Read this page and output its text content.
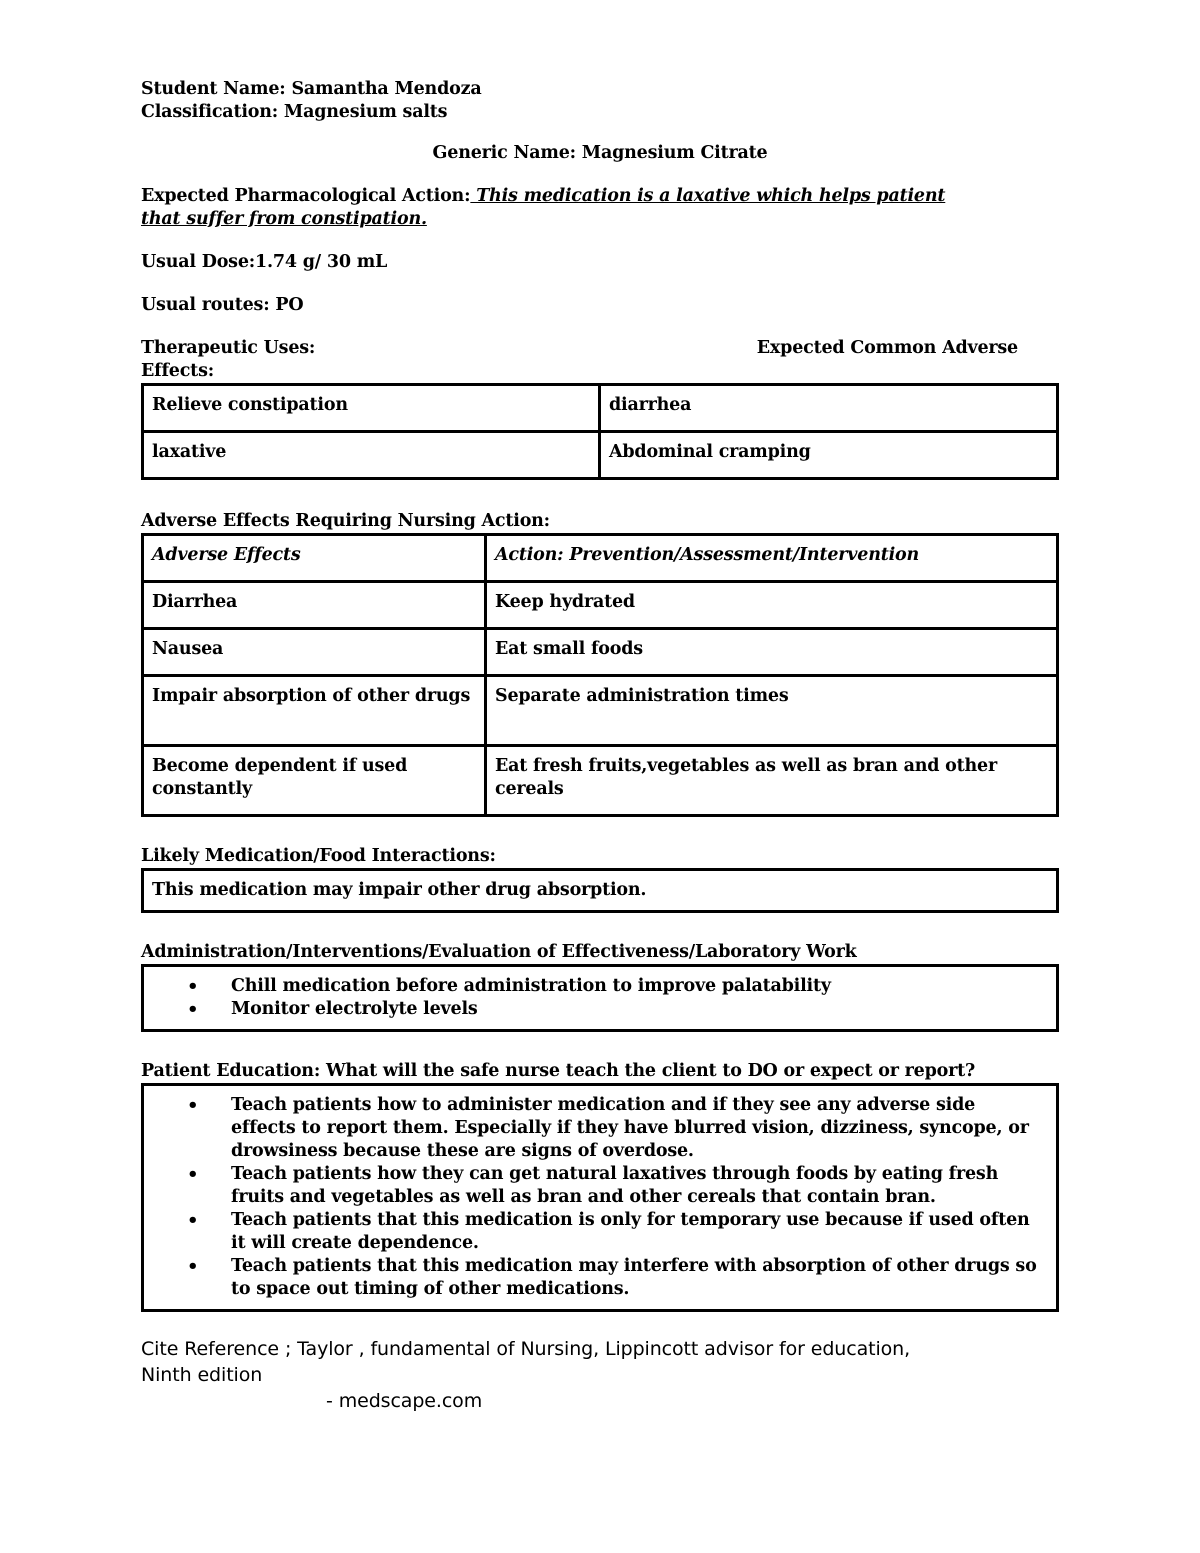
Student Name: Samantha Mendoza
Classification: Magnesium salts
Generic Name: Magnesium Citrate
Expected Pharmacological Action: This medication is a laxative which helps patient
that suffer from constipation.
Usual Dose:1.74 g/ 30 mL
Usual routes: PO
Therapeutic Uses:	Expected Common Adverse
Effects:
Relieve constipation	diarrhea
laxative	Abdominal cramping
Adverse Effects Requiring Nursing Action:
Adverse Effects	Action: Prevention/Assessment/Intervention
Diarrhea	Keep hydrated
Nausea	Eat small foods
Impair absorption of other drugs	Separate administration times
Become dependent if used constantly	Eat fresh fruits,vegetables as well as bran and other cereals
Likely Medication/Food Interactions:
This medication may impair other drug absorption.
Administration/Interventions/Evaluation of Effectiveness/Laboratory Work
• Chill medication before administration to improve palatability
• Monitor electrolyte levels
Patient Education: What will the safe nurse teach the client to DO or expect or report?
• Teach patients how to administer medication and if they see any adverse side effects to report them. Especially if they have blurred vision, dizziness, syncope, or drowsiness because these are signs of overdose.
• Teach patients how they can get natural laxatives through foods by eating fresh fruits and vegetables as well as bran and other cereals that contain bran.
• Teach patients that this medication is only for temporary use because if used often it will create dependence.
• Teach patients that this medication may interfere with absorption of other drugs so to space out timing of other medications.
Cite Reference ; Taylor , fundamental of Nursing, Lippincott advisor for education,
Ninth edition
- medscape.com
